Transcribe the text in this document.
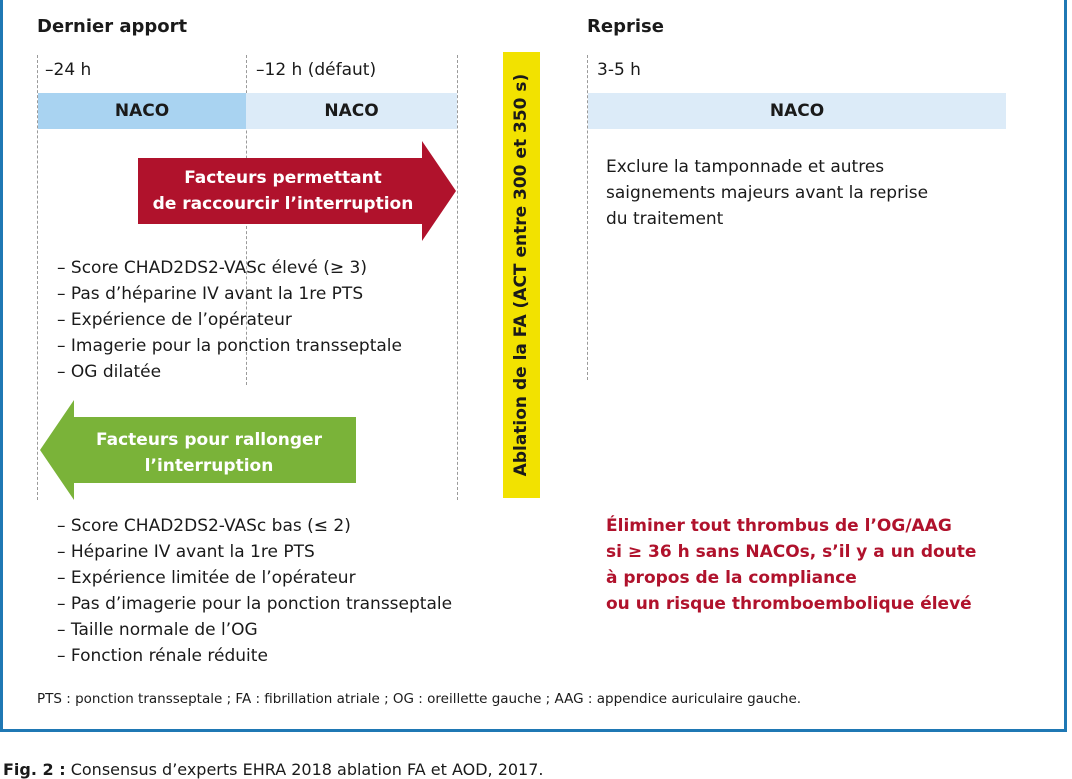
Dernier apport	Reprise
–24 h	–12 h (défaut)	3-5 h
NACO	NACO	NACO
Facteurs permettant
de raccourcir l’interruption
– Score CHAD2DS2-VASc élevé (≥ 3)
– Pas d’héparine IV avant la 1re PTS
– Expérience de l’opérateur
– Imagerie pour la ponction transseptale
– OG dilatée
Facteurs pour rallonger
l’interruption
– Score CHAD2DS2-VASc bas (≤ 2)
– Héparine IV avant la 1re PTS
– Expérience limitée de l’opérateur
– Pas d’imagerie pour la ponction transseptale
– Taille normale de l’OG
– Fonction rénale réduite
Ablation de la FA (ACT entre 300 et 350 s)	Exclure la tamponnade et autres
saignements majeurs avant la reprise
du traitement
Éliminer tout thrombus de l’OG/AAG
si ≥ 36 h sans NACOs, s’il y a un doute
à propos de la compliance
ou un risque thromboembolique élevé
PTS : ponction transseptale ; FA : fibrillation atriale ; OG : oreillette gauche ; AAG : appendice auriculaire gauche.
Fig. 2 : Consensus d’experts EHRA 2018 ablation FA et AOD, 2017.
